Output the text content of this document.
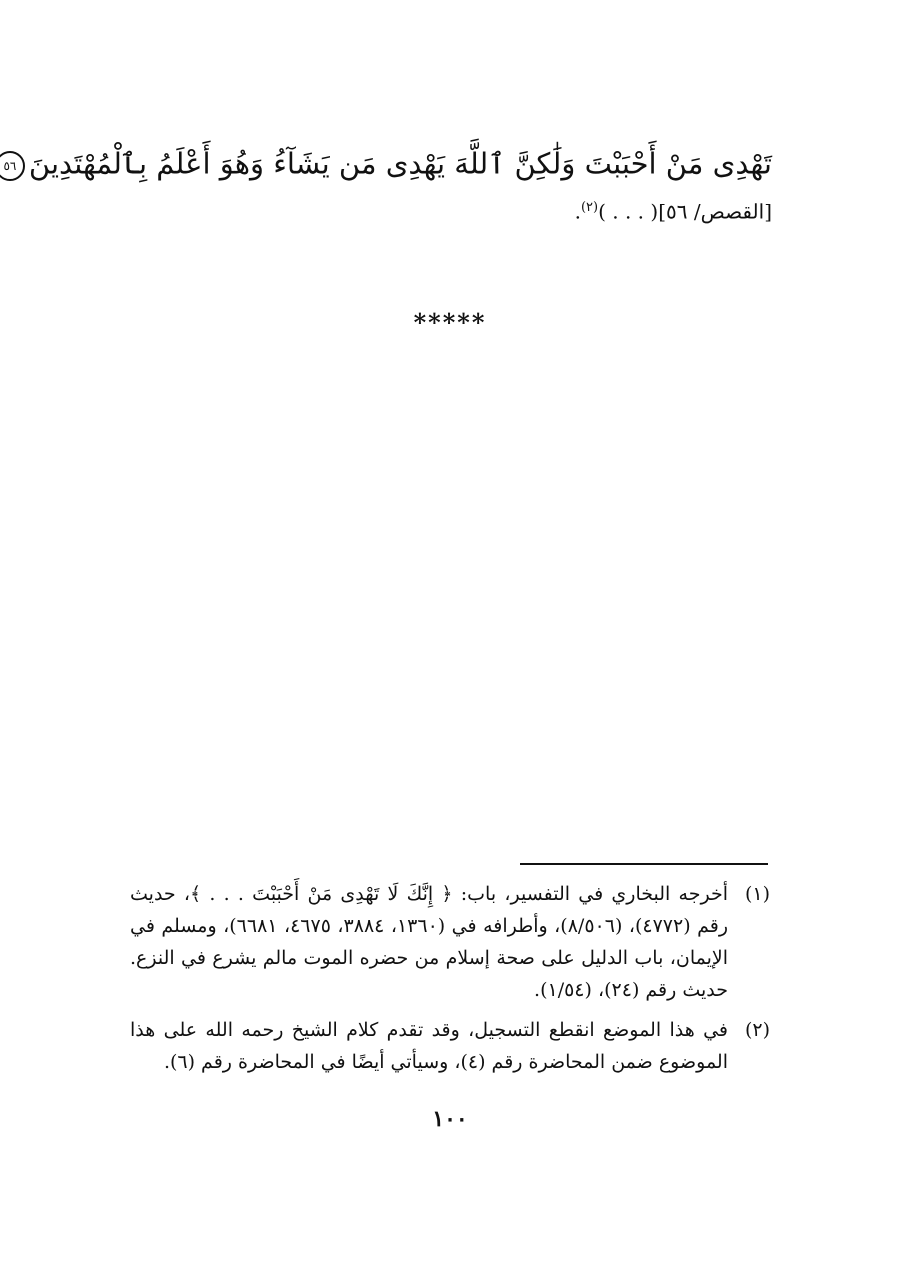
تَهْدِى مَنْ أَحْبَبْتَ وَلَٰكِنَّ ٱللَّهَ يَهْدِى مَن يَشَآءُ وَهُوَ أَعْلَمُ بِٱلْمُهْتَدِينَ٥٦
[القصص/ ٥٦]( . . . )$^{(٢)}$.
*****
(١)
أخرجه البخاري في التفسير، باب: ﴿ إِنَّكَ لَا تَهْدِى مَنْ أَحْبَبْتَ . . . ﴾، حديث رقم (٤٧٧٢)، (٨/٥٠٦)، وأطرافه في (١٣٦٠، ٣٨٨٤، ٤٦٧٥، ٦٦٨١)، ومسلم في الإيمان، باب الدليل على صحة إسلام من حضره الموت مالم يشرع في النزع. حديث رقم (٢٤)، (١/٥٤).
(٢)
في هذا الموضع انقطع التسجيل، وقد تقدم كلام الشيخ رحمه الله على هذا الموضوع ضمن المحاضرة رقم (٤)، وسيأتي أيضًا في المحاضرة رقم (٦).
١٠٠
